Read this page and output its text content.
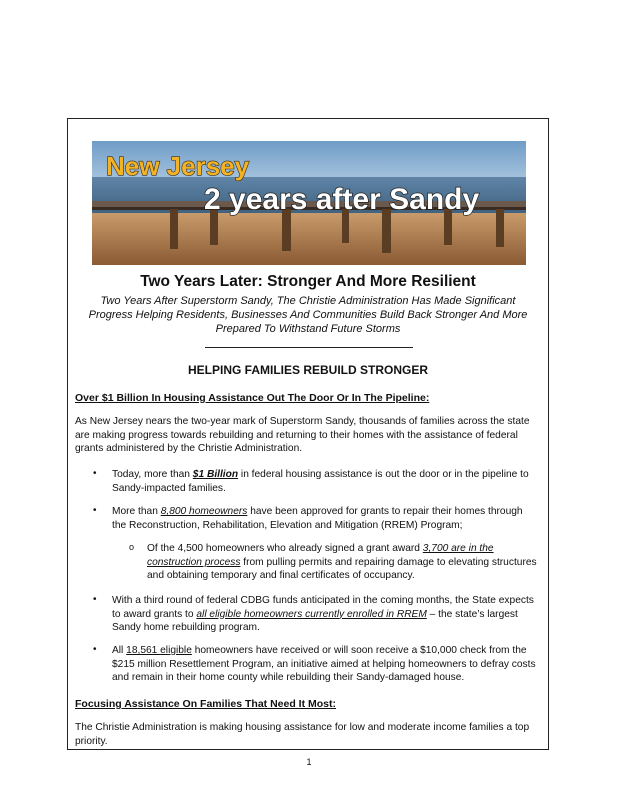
New Jersey
2 years after Sandy
Two Years Later: Stronger And More Resilient
Two Years After Superstorm Sandy, The Christie Administration Has Made Significant Progress Helping Residents, Businesses And Communities Build Back Stronger And More Prepared To Withstand Future Storms
HELPING FAMILIES REBUILD STRONGER
Over $1 Billion In Housing Assistance Out The Door Or In The Pipeline:
As New Jersey nears the two-year mark of Superstorm Sandy, thousands of families across the state are making progress towards rebuilding and returning to their homes with the assistance of federal grants administered by the Christie Administration.
• Today, more than $1 Billion in federal housing assistance is out the door or in the pipeline to Sandy-impacted families.
• More than 8,800 homeowners have been approved for grants to repair their homes through the Reconstruction, Rehabilitation, Elevation and Mitigation (RREM) Program;
o Of the 4,500 homeowners who already signed a grant award 3,700 are in the construction process from pulling permits and repairing damage to elevating structures and obtaining temporary and final certificates of occupancy.
• With a third round of federal CDBG funds anticipated in the coming months, the State expects to award grants to all eligible homeowners currently enrolled in RREM – the state’s largest Sandy home rebuilding program.
• All 18,561 eligible homeowners have received or will soon receive a $10,000 check from the $215 million Resettlement Program, an initiative aimed at helping homeowners to defray costs and remain in their home county while rebuilding their Sandy-damaged house.
Focusing Assistance On Families That Need It Most:
The Christie Administration is making housing assistance for low and moderate income families a top priority.
1
